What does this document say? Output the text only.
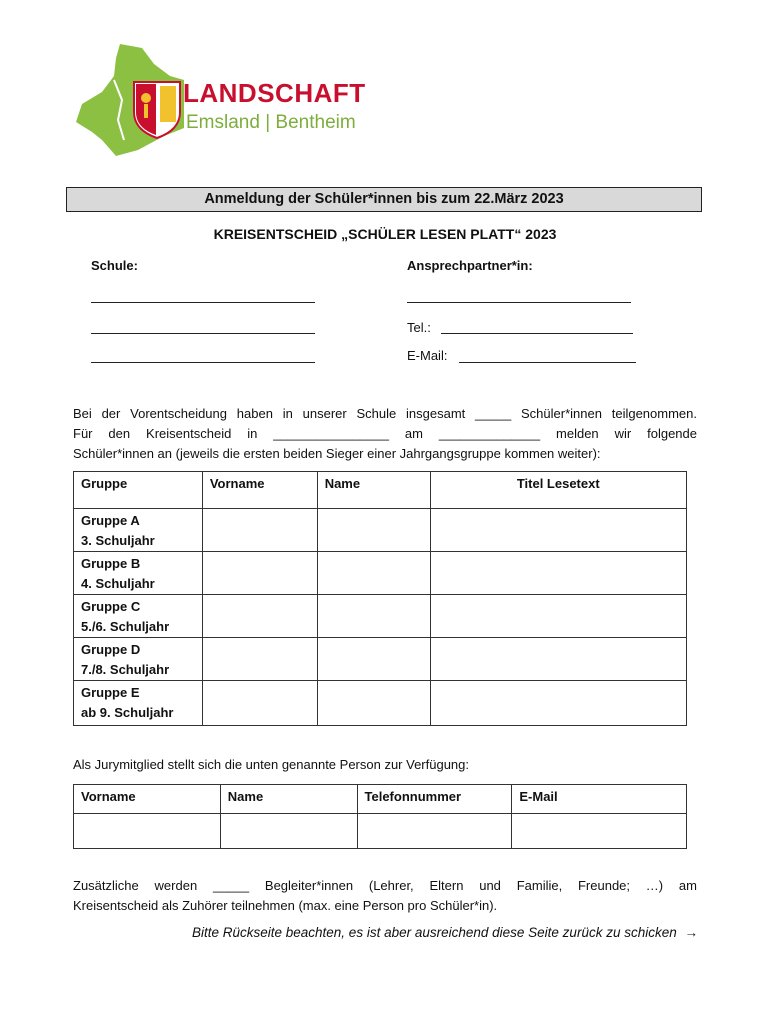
LANDSCHAFT
Emsland | Bentheim
Anmeldung der Schüler*innen bis zum 22.März 2023
KREISENTSCHEID „SCHÜLER LESEN PLATT“ 2023
Schule:	Ansprechpartner*in:
Tel.:
E-Mail:
Bei der Vorentscheidung haben in unserer Schule insgesamt _____ Schüler*innen teilgenommen.
Für den Kreisentscheid in ________________ am ______________ melden wir folgende
Schüler*innen an (jeweils die ersten beiden Sieger einer Jahrgangsgruppe kommen weiter):
Gruppe	Vorname	Name	Titel Lesetext

Gruppe A
3. Schuljahr			

Gruppe B
4. Schuljahr			

Gruppe C
5./6. Schuljahr			

Gruppe D
7./8. Schuljahr			

Gruppe E
ab 9. Schuljahr			

Als Jurymitglied stellt sich die unten genannte Person zur Verfügung:
Vorname	Name	Telefonnummer	E-Mail

Zusätzliche werden _____ Begleiter*innen (Lehrer, Eltern und Familie, Freunde; …) am
Kreisentscheid als Zuhörer teilnehmen (max. eine Person pro Schüler*in).
Bitte Rückseite beachten, es ist aber ausreichend diese Seite zurück zu schicken →
